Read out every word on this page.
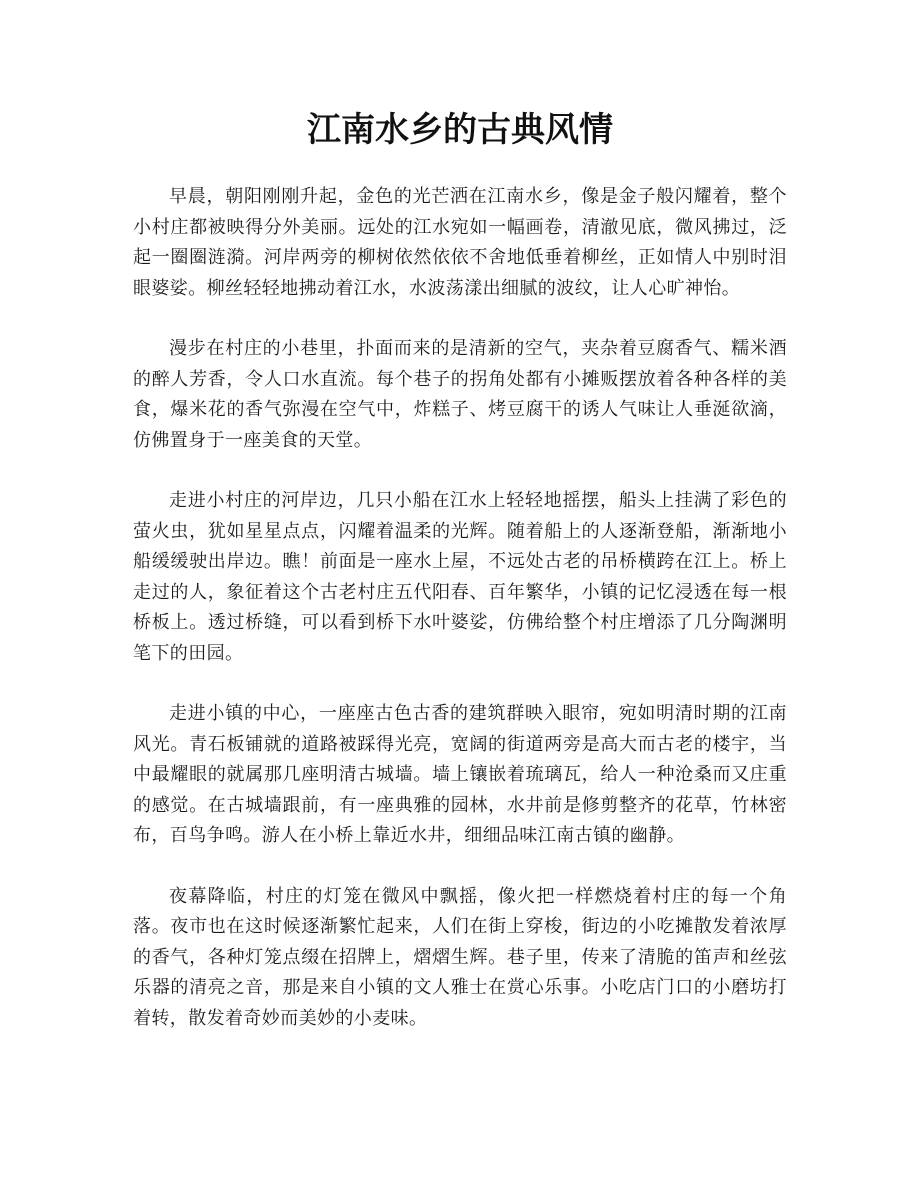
江南水乡的古典风情

早晨，朝阳刚刚升起，金色的光芒洒在江南水乡，像是金子般闪耀着，整个小村庄都被映得分外美丽。远处的江水宛如一幅画卷，清澈见底，微风拂过，泛起一圈圈涟漪。河岸两旁的柳树依然依依不舍地低垂着柳丝，正如情人中别时泪眼婆娑。柳丝轻轻地拂动着江水，水波荡漾出细腻的波纹，让人心旷神怡。

漫步在村庄的小巷里，扑面而来的是清新的空气，夹杂着豆腐香气、糯米酒的醉人芳香，令人口水直流。每个巷子的拐角处都有小摊贩摆放着各种各样的美食，爆米花的香气弥漫在空气中，炸糕子、烤豆腐干的诱人气味让人垂涎欲滴，仿佛置身于一座美食的天堂。

走进小村庄的河岸边，几只小船在江水上轻轻地摇摆，船头上挂满了彩色的萤火虫，犹如星星点点，闪耀着温柔的光辉。随着船上的人逐渐登船，渐渐地小船缓缓驶出岸边。瞧！前面是一座水上屋，不远处古老的吊桥横跨在江上。桥上走过的人，象征着这个古老村庄五代阳春、百年繁华，小镇的记忆浸透在每一根桥板上。透过桥缝，可以看到桥下水叶婆娑，仿佛给整个村庄增添了几分陶渊明笔下的田园。

走进小镇的中心，一座座古色古香的建筑群映入眼帘，宛如明清时期的江南风光。青石板铺就的道路被踩得光亮，宽阔的街道两旁是高大而古老的楼宇，当中最耀眼的就属那几座明清古城墙。墙上镶嵌着琉璃瓦，给人一种沧桑而又庄重的感觉。在古城墙跟前，有一座典雅的园林，水井前是修剪整齐的花草，竹林密布，百鸟争鸣。游人在小桥上靠近水井，细细品味江南古镇的幽静。

夜幕降临，村庄的灯笼在微风中飘摇，像火把一样燃烧着村庄的每一个角落。夜市也在这时候逐渐繁忙起来，人们在街上穿梭，街边的小吃摊散发着浓厚的香气，各种灯笼点缀在招牌上，熠熠生辉。巷子里，传来了清脆的笛声和丝弦乐器的清亮之音，那是来自小镇的文人雅士在赏心乐事。小吃店门口的小磨坊打着转，散发着奇妙而美妙的小麦味。
